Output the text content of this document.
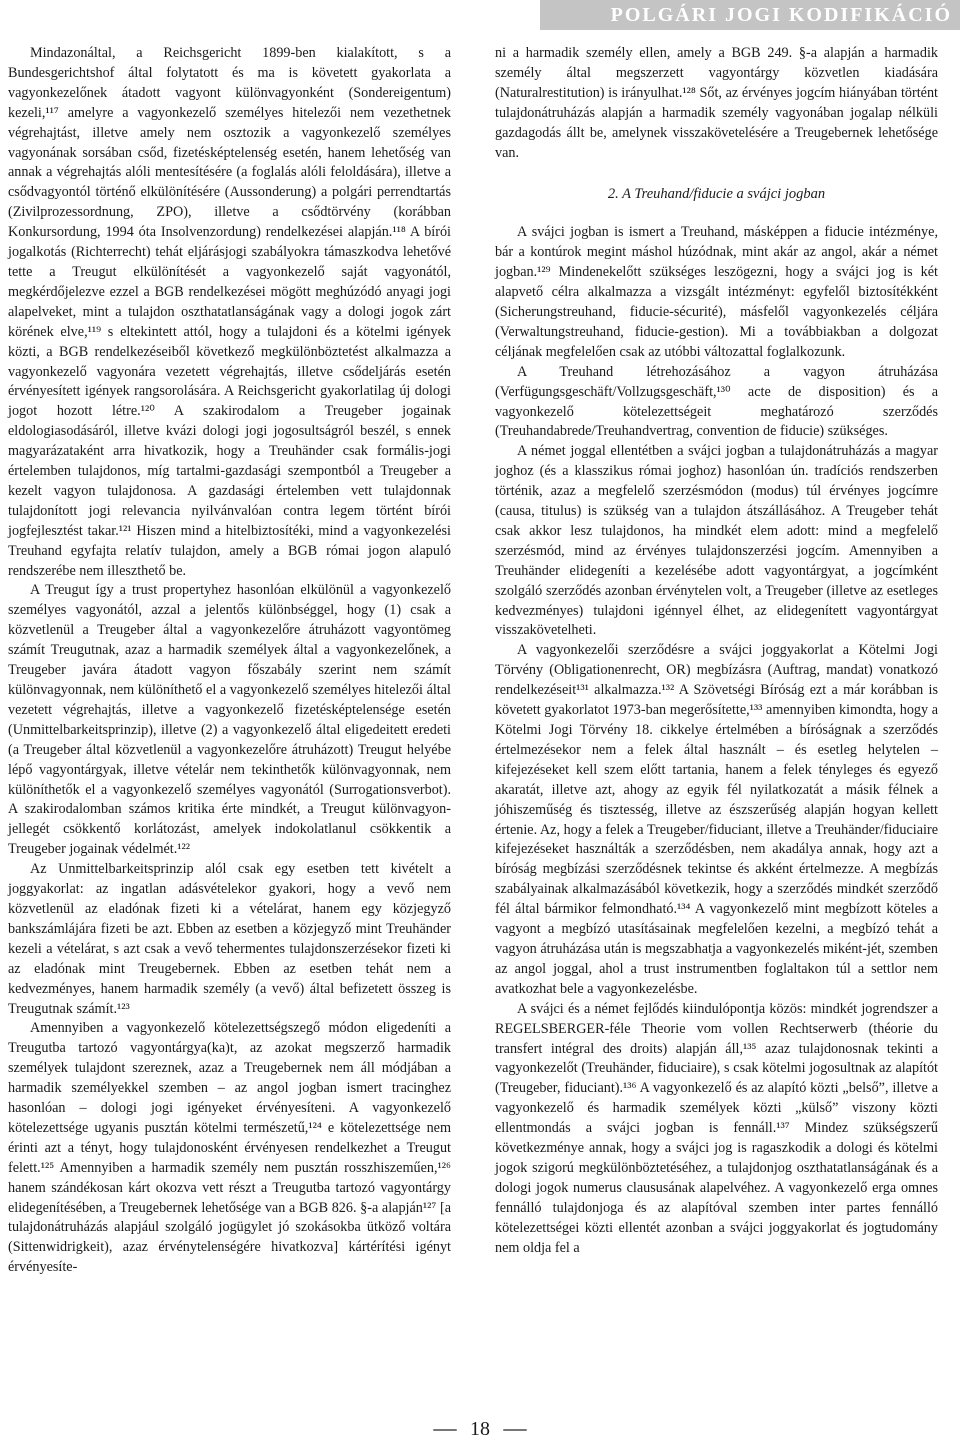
POLGÁRI JOGI KODIFIKÁCIÓ

Mindazonáltal, a Reichsgericht 1899-ben kialakított, s a Bundesgerichtshof által folytatott és ma is követett gyakorlata a vagyonkezelőnek átadott vagyont különvagyonként (Sondereigentum) kezeli,¹¹⁷ amelyre a vagyonkezelő személyes hitelezői nem vezethetnek végrehajtást, illetve amely nem osztozik a vagyonkezelő személyes vagyonának sorsában csőd, fizetésképtelenség esetén, hanem lehetőség van annak a végrehajtás alóli mentesítésére (a foglalás alóli feloldására), illetve a csődvagyontól történő elkülönítésére (Aussonderung) a polgári perrendtartás (Zivilprozessordnung, ZPO), illetve a csődtörvény (korábban Konkursordung, 1994 óta Insolvenzordung) rendelkezései alapján.¹¹⁸ A bírói jogalkotás (Richterrecht) tehát eljárásjogi szabályokra támaszkodva lehetővé tette a Treugut elkülönítését a vagyonkezelő saját vagyonától, megkérdőjelezve ezzel a BGB rendelkezései mögött meghúzódó anyagi jogi alapelveket, mint a tulajdon oszthatatlanságának vagy a dologi jogok zárt körének elve,¹¹⁹ s eltekintett attól, hogy a tulajdoni és a kötelmi igények közti, a BGB rendelkezéseiből következő megkülönböztetést alkalmazza a vagyonkezelő vagyonára vezetett végrehajtás, illetve csődeljárás esetén érvényesített igények rangsorolására. A Reichsgericht gyakorlatilag új dologi jogot hozott létre.¹²⁰ A szakirodalom a Treugeber jogainak eldologiasodásáról, illetve kvázi dologi jogi jogosultságról beszél, s ennek magyarázataként arra hivatkozik, hogy a Treuhänder csak formális-jogi értelemben tulajdonos, míg tartalmi-gazdasági szempontból a Treugeber a kezelt vagyon tulajdonosa. A gazdasági értelemben vett tulajdonnak tulajdonított jogi relevancia nyilvánvalóan contra legem történt bírói jogfejlesztést takar.¹²¹ Hiszen mind a hitelbiztosítéki, mind a vagyonkezelési Treuhand egyfajta relatív tulajdon, amely a BGB római jogon alapuló rendszerébe nem illeszthető be.

A Treugut így a trust propertyhez hasonlóan elkülönül a vagyonkezelő személyes vagyonától, azzal a jelentős különbséggel, hogy (1) csak a közvetlenül a Treugeber által a vagyonkezelőre átruházott vagyontömeg számít Treugutnak, azaz a harmadik személyek által a vagyonkezelőnek, a Treugeber javára átadott vagyon főszabály szerint nem számít különvagyonnak, nem különíthető el a vagyonkezelő személyes hitelezői által vezetett végrehajtás, illetve a vagyonkezelő fizetésképtelensége esetén (Unmittelbarkeitsprinzip), illetve (2) a vagyonkezelő által eligedeitett eredeti (a Treugeber által közvetlenül a vagyonkezelőre átruházott) Treugut helyébe lépő vagyontárgyak, illetve vételár nem tekinthetők különvagyonnak, nem különíthetők el a vagyonkezelő személyes vagyonától (Surrogationsverbot). A szakirodalomban számos kritika érte mindkét, a Treugut különvagyon-jellegét csökkentő korlátozást, amelyek indokolatlanul csökkentik a Treugeber jogainak védelmét.¹²²

Az Unmittelbarkeitsprinzip alól csak egy esetben tett kivételt a joggyakorlat: az ingatlan adásvételekor gyakori, hogy a vevő nem közvetlenül az eladónak fizeti ki a vételárat, hanem egy közjegyző bankszámlájára fizeti be azt. Ebben az esetben a közjegyző mint Treuhänder kezeli a vételárat, s azt csak a vevő tehermentes tulajdonszerzésekor fizeti ki az eladónak mint Treugebernek. Ebben az esetben tehát nem a kedvezményes, hanem harmadik személy (a vevő) által befizetett összeg is Treugutnak számít.¹²³

Amennyiben a vagyonkezelő kötelezettségszegő módon eligedeníti a Treugutba tartozó vagyontárgya(ka)t, az azokat megszerző harmadik személyek tulajdont szereznek, azaz a Treugebernek nem áll módjában a harmadik személyekkel szemben – az angol jogban ismert tracinghez hasonlóan – dologi jogi igényeket érvényesíteni. A vagyonkezelő kötelezettsége ugyanis pusztán kötelmi természetű,¹²⁴ e kötelezettsége nem érinti azt a tényt, hogy tulajdonosként érvényesen rendelkezhet a Treugut felett.¹²⁵ Amennyiben a harmadik személy nem pusztán rosszhiszeműen,¹²⁶ hanem szándékosan kárt okozva vett részt a Treugutba tartozó vagyontárgy elidegenítésében, a Treugebernek lehetősége van a BGB 826. §-a alapján¹²⁷ [a tulajdonátruházás alapjául szolgáló jogügylet jó szokásokba ütköző voltára (Sittenwidrigkeit), azaz érvénytelenségére hivatkozva] kártérítési igényt érvényesíte-

ni a harmadik személy ellen, amely a BGB 249. §-a alapján a harmadik személy által megszerzett vagyontárgy közvetlen kiadására (Naturalrestitution) is irányulhat.¹²⁸ Sőt, az érvényes jogcím hiányában történt tulajdonátruházás alapján a harmadik személy vagyonában jogalap nélküli gazdagodás állt be, amelynek visszakövetelésére a Treugebernek lehetősége van.

2. A Treuhand/fiducie a svájci jogban

A svájci jogban is ismert a Treuhand, másképpen a fiducie intézménye, bár a kontúrok megint máshol húzódnak, mint akár az angol, akár a német jogban.¹²⁹ Mindenekelőtt szükséges leszögezni, hogy a svájci jog is két alapvető célra alkalmazza a vizsgált intézményt: egyfelől biztosítékként (Sicherungstreuhand, fiducie-sécurité), másfelől vagyonkezelés céljára (Verwaltungstreuhand, fiducie-gestion). Mi a továbbiakban a dolgozat céljának megfelelően csak az utóbbi változattal foglalkozunk.

A Treuhand létrehozásához a vagyon átruházása (Verfügungsgeschäft/Vollzugsgeschäft,¹³⁰ acte de disposition) és a vagyonkezelő kötelezettségeit meghatározó szerződés (Treuhandabrede/Treuhandvertrag, convention de fiducie) szükséges.

A német joggal ellentétben a svájci jogban a tulajdonátruházás a magyar joghoz (és a klasszikus római joghoz) hasonlóan ún. tradíciós rendszerben történik, azaz a megfelelő szerzésmódon (modus) túl érvényes jogcímre (causa, titulus) is szükség van a tulajdon átszállásához. A Treugeber tehát csak akkor lesz tulajdonos, ha mindkét elem adott: mind a megfelelő szerzésmód, mind az érvényes tulajdonszerzési jogcím. Amennyiben a Treuhänder elidegeníti a kezelésébe adott vagyontárgyat, a jogcímként szolgáló szerződés azonban érvénytelen volt, a Treugeber (illetve az esetleges kedvezményes) tulajdoni igénnyel élhet, az elidegenített vagyontárgyat visszakövetelheti.

A vagyonkezelői szerződésre a svájci joggyakorlat a Kötelmi Jogi Törvény (Obligationenrecht, OR) megbízásra (Auftrag, mandat) vonatkozó rendelkezéseit¹³¹ alkalmazza.¹³² A Szövetségi Bíróság ezt a már korábban is követett gyakorlatot 1973-ban megerősítette,¹³³ amennyiben kimondta, hogy a Kötelmi Jogi Törvény 18. cikkelye értelmében a bíróságnak a szerződés értelmezésekor nem a felek által használt – és esetleg helytelen – kifejezéseket kell szem előtt tartania, hanem a felek tényleges és egyező akaratát, illetve azt, ahogy az egyik fél nyilatkozatát a másik félnek a jóhiszeműség és tisztesség, illetve az észszerűség alapján hogyan kellett értenie. Az, hogy a felek a Treugeber/fiduciant, illetve a Treuhänder/fiduciaire kifejezéseket használták a szerződésben, nem akadálya annak, hogy azt a bíróság megbízási szerződésnek tekintse és akként értelmezze. A megbízás szabályainak alkalmazásából következik, hogy a szerződés mindkét szerződő fél által bármikor felmondható.¹³⁴ A vagyonkezelő mint megbízott köteles a vagyont a megbízó utasításainak megfelelően kezelni, a megbízó tehát a vagyon átruházása után is megszabhatja a vagyonkezelés miként-jét, szemben az angol joggal, ahol a trust instrumentben foglaltakon túl a settlor nem avatkozhat bele a vagyonkezelésbe.

A svájci és a német fejlődés kiindulópontja közös: mindkét jogrendszer a REGELSBERGER-féle Theorie vom vollen Rechtserwerb (théorie du transfert intégral des droits) alapján áll,¹³⁵ azaz tulajdonosnak tekinti a vagyonkezelőt (Treuhänder, fiduciaire), s csak kötelmi jogosultnak az alapítót (Treugeber, fiduciant).¹³⁶ A vagyonkezelő és az alapító közti „belső”, illetve a vagyonkezelő és harmadik személyek közti „külső” viszony közti ellentmondás a svájci jogban is fennáll.¹³⁷ Mindez szükségszerű következménye annak, hogy a svájci jog is ragaszkodik a dologi és kötelmi jogok szigorú megkülönböztetéséhez, a tulajdonjog oszthatatlanságának és a dologi jogok numerus claususának alapelvéhez. A vagyonkezelő erga omnes fennálló tulajdonjoga és az alapítóval szemben inter partes fennálló kötelezettségei közti ellentét azonban a svájci joggyakorlat és jogtudomány nem oldja fel a

18
